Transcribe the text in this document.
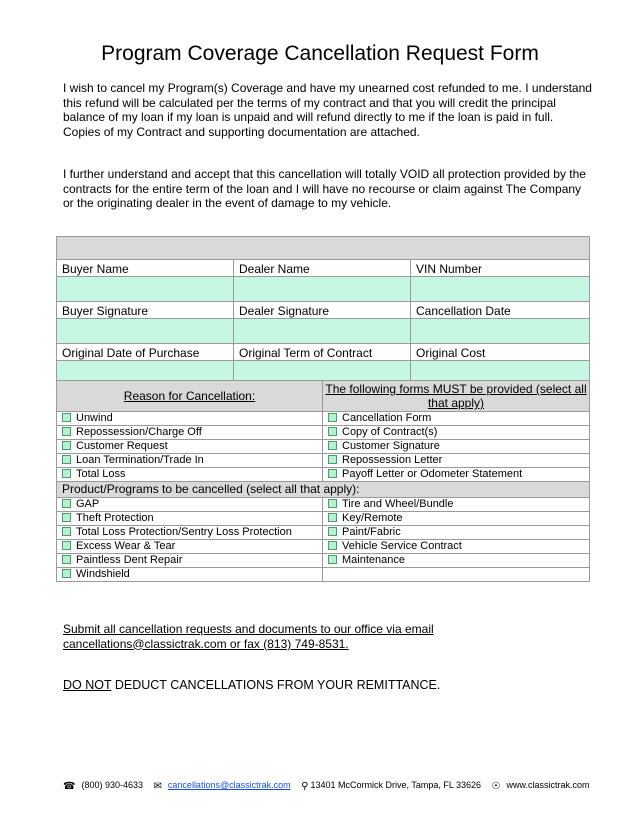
Program Coverage Cancellation Request Form
I wish to cancel my Program(s) Coverage and have my unearned cost refunded to me. I understand this refund will be calculated per the terms of my contract and that you will credit the principal balance of my loan if my loan is unpaid and will refund directly to me if the loan is paid in full. Copies of my Contract and supporting documentation are attached.
I further understand and accept that this cancellation will totally VOID all protection provided by the contracts for the entire term of the loan and I will have no recourse or claim against The Company or the originating dealer in the event of damage to my vehicle.

Buyer Name	Dealer Name	VIN Number

Buyer Signature	Dealer Signature	Cancellation Date

Original Date of Purchase	Original Term of Contract	Original Cost

Reason for Cancellation:	The following forms MUST be provided (select all that apply)
Unwind	Cancellation Form
Repossession/Charge Off	Copy of Contract(s)
Customer Request	Customer Signature
Loan Termination/Trade In	Repossession Letter
Total Loss	Payoff Letter or Odometer Statement
Product/Programs to be cancelled (select all that apply):	
GAP	Tire and Wheel/Bundle
Theft Protection	Key/Remote
Total Loss Protection/Sentry Loss Protection	Paint/Fabric
Excess Wear & Tear	Vehicle Service Contract
Paintless Dent Repair	Maintenance
Windshield	
Submit all cancellation requests and documents to our office via email cancellations@classictrak.com or fax (813) 749-8531.
DO NOT DEDUCT CANCELLATIONS FROM YOUR REMITTANCE.
☎ (800) 930-4633 ✉ cancellations@classictrak.com ⚲ 13401 McCormick Drive, Tampa, FL 33626 ☉ www.classictrak.com
